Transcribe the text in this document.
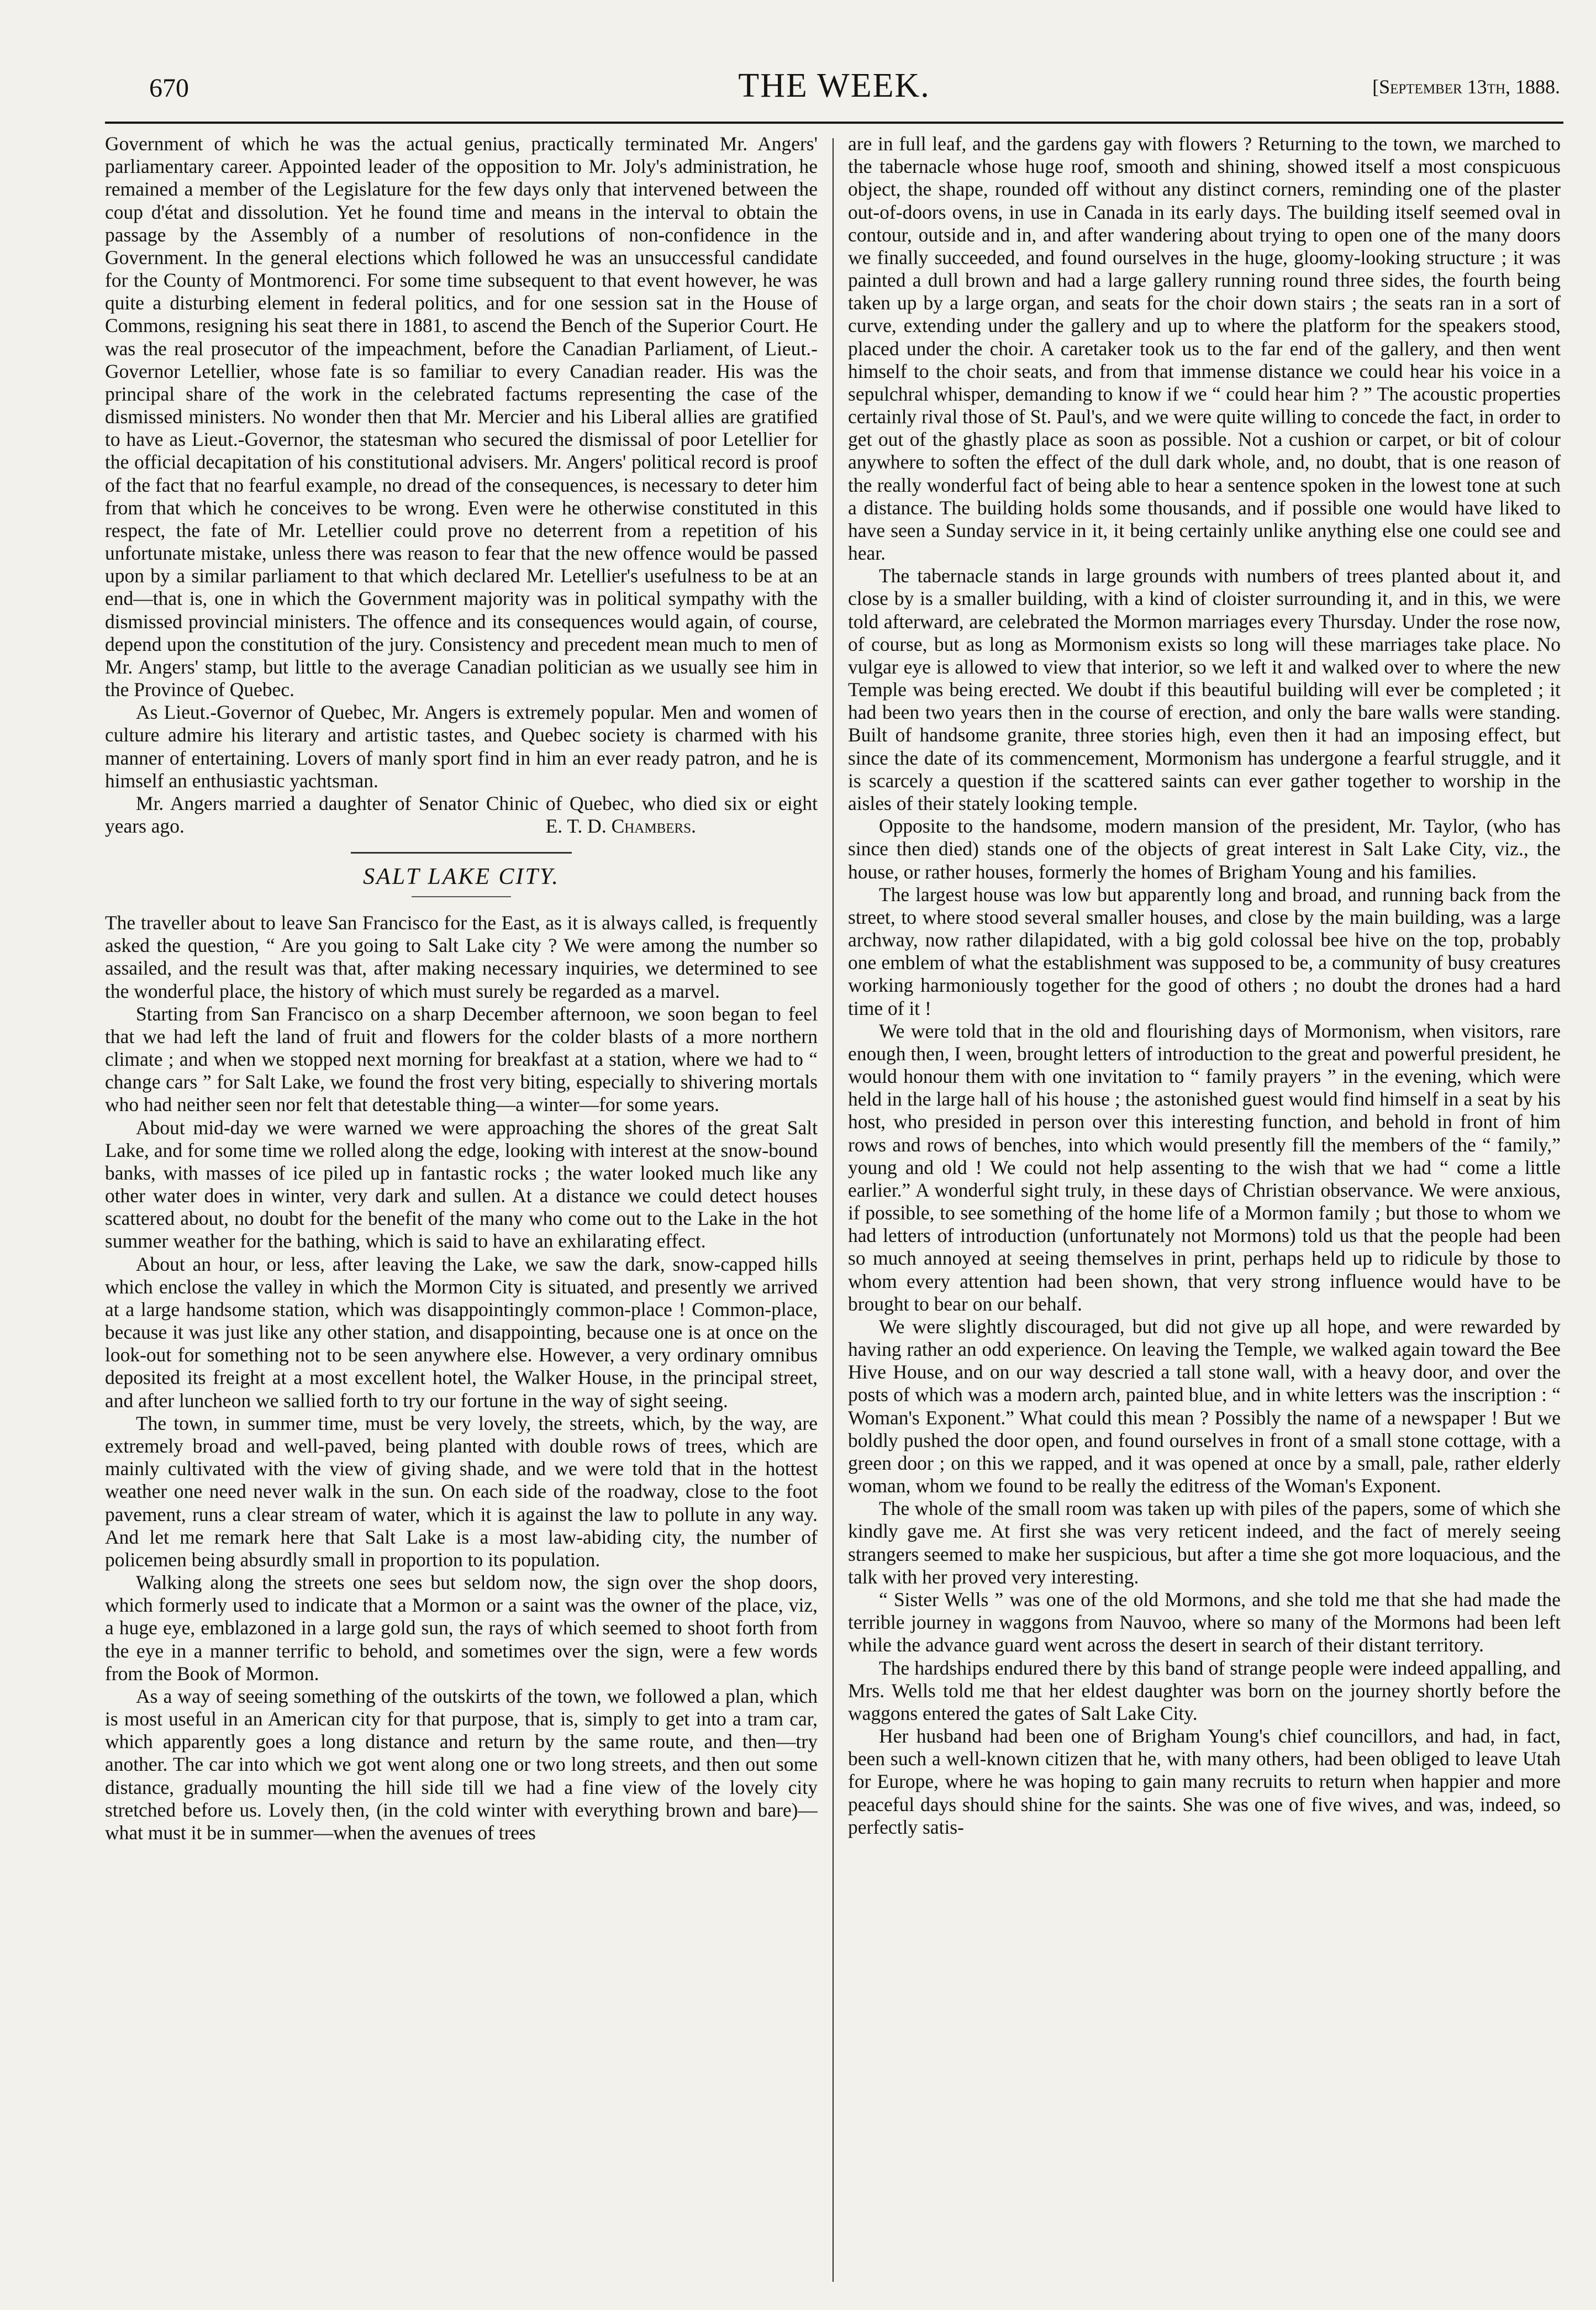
670	THE WEEK.	[September 13th, 1888.

Government of which he was the actual genius, practically terminated Mr. Angers' parliamentary career. Appointed leader of the opposition to Mr. Joly's administration, he remained a member of the Legislature for the few days only that intervened between the coup d'état and dissolution. Yet he found time and means in the interval to obtain the passage by the Assembly of a number of resolutions of non-confidence in the Government. In the general elections which followed he was an unsuccessful candidate for the County of Montmorenci. For some time subsequent to that event however, he was quite a disturbing element in federal politics, and for one session sat in the House of Commons, resigning his seat there in 1881, to ascend the Bench of the Superior Court. He was the real prosecutor of the impeachment, before the Canadian Parliament, of Lieut.-Governor Letellier, whose fate is so familiar to every Canadian reader. His was the principal share of the work in the celebrated factums representing the case of the dismissed ministers. No wonder then that Mr. Mercier and his Liberal allies are gratified to have as Lieut.-Governor, the statesman who secured the dismissal of poor Letellier for the official decapitation of his constitutional advisers. Mr. Angers' political record is proof of the fact that no fearful example, no dread of the consequences, is necessary to deter him from that which he conceives to be wrong. Even were he otherwise constituted in this respect, the fate of Mr. Letellier could prove no deterrent from a repetition of his unfortunate mistake, unless there was reason to fear that the new offence would be passed upon by a similar parliament to that which declared Mr. Letellier's usefulness to be at an end—that is, one in which the Government majority was in political sympathy with the dismissed provincial ministers. The offence and its consequences would again, of course, depend upon the constitution of the jury. Consistency and precedent mean much to men of Mr. Angers' stamp, but little to the average Canadian politician as we usually see him in the Province of Quebec.

As Lieut.-Governor of Quebec, Mr. Angers is extremely popular. Men and women of culture admire his literary and artistic tastes, and Quebec society is charmed with his manner of entertaining. Lovers of manly sport find in him an ever ready patron, and he is himself an enthusiastic yachtsman.

Mr. Angers married a daughter of Senator Chinic of Quebec, who died six or eight years ago.	E. T. D. Chambers.

SALT LAKE CITY.

The traveller about to leave San Francisco for the East, as it is always called, is frequently asked the question, “ Are you going to Salt Lake city ? We were among the number so assailed, and the result was that, after making necessary inquiries, we determined to see the wonderful place, the history of which must surely be regarded as a marvel.

Starting from San Francisco on a sharp December afternoon, we soon began to feel that we had left the land of fruit and flowers for the colder blasts of a more northern climate ; and when we stopped next morning for breakfast at a station, where we had to “ change cars ” for Salt Lake, we found the frost very biting, especially to shivering mortals who had neither seen nor felt that detestable thing—a winter—for some years.

About mid-day we were warned we were approaching the shores of the great Salt Lake, and for some time we rolled along the edge, looking with interest at the snow-bound banks, with masses of ice piled up in fantastic rocks ; the water looked much like any other water does in winter, very dark and sullen. At a distance we could detect houses scattered about, no doubt for the benefit of the many who come out to the Lake in the hot summer weather for the bathing, which is said to have an exhilarating effect.

About an hour, or less, after leaving the Lake, we saw the dark, snow-capped hills which enclose the valley in which the Mormon City is situated, and presently we arrived at a large handsome station, which was disappointingly common-place ! Common-place, because it was just like any other station, and disappointing, because one is at once on the look-out for something not to be seen anywhere else. However, a very ordinary omnibus deposited its freight at a most excellent hotel, the Walker House, in the principal street, and after luncheon we sallied forth to try our fortune in the way of sight seeing.

The town, in summer time, must be very lovely, the streets, which, by the way, are extremely broad and well-paved, being planted with double rows of trees, which are mainly cultivated with the view of giving shade, and we were told that in the hottest weather one need never walk in the sun. On each side of the roadway, close to the foot pavement, runs a clear stream of water, which it is against the law to pollute in any way. And let me remark here that Salt Lake is a most law-abiding city, the number of policemen being absurdly small in proportion to its population.

Walking along the streets one sees but seldom now, the sign over the shop doors, which formerly used to indicate that a Mormon or a saint was the owner of the place, viz, a huge eye, emblazoned in a large gold sun, the rays of which seemed to shoot forth from the eye in a manner terrific to behold, and sometimes over the sign, were a few words from the Book of Mormon.

As a way of seeing something of the outskirts of the town, we followed a plan, which is most useful in an American city for that purpose, that is, simply to get into a tram car, which apparently goes a long distance and return by the same route, and then—try another. The car into which we got went along one or two long streets, and then out some distance, gradually mounting the hill side till we had a fine view of the lovely city stretched before us. Lovely then, (in the cold winter with everything brown and bare)—what must it be in summer—when the avenues of trees

are in full leaf, and the gardens gay with flowers ? Returning to the town, we marched to the tabernacle whose huge roof, smooth and shining, showed itself a most conspicuous object, the shape, rounded off without any distinct corners, reminding one of the plaster out-of-doors ovens, in use in Canada in its early days. The building itself seemed oval in contour, outside and in, and after wandering about trying to open one of the many doors we finally succeeded, and found ourselves in the huge, gloomy-looking structure ; it was painted a dull brown and had a large gallery running round three sides, the fourth being taken up by a large organ, and seats for the choir down stairs ; the seats ran in a sort of curve, extending under the gallery and up to where the platform for the speakers stood, placed under the choir. A caretaker took us to the far end of the gallery, and then went himself to the choir seats, and from that immense distance we could hear his voice in a sepulchral whisper, demanding to know if we “ could hear him ? ” The acoustic properties certainly rival those of St. Paul's, and we were quite willing to concede the fact, in order to get out of the ghastly place as soon as possible. Not a cushion or carpet, or bit of colour anywhere to soften the effect of the dull dark whole, and, no doubt, that is one reason of the really wonderful fact of being able to hear a sentence spoken in the lowest tone at such a distance. The building holds some thousands, and if possible one would have liked to have seen a Sunday service in it, it being certainly unlike anything else one could see and hear.

The tabernacle stands in large grounds with numbers of trees planted about it, and close by is a smaller building, with a kind of cloister surrounding it, and in this, we were told afterward, are celebrated the Mormon marriages every Thursday. Under the rose now, of course, but as long as Mormonism exists so long will these marriages take place. No vulgar eye is allowed to view that interior, so we left it and walked over to where the new Temple was being erected. We doubt if this beautiful building will ever be completed ; it had been two years then in the course of erection, and only the bare walls were standing. Built of handsome granite, three stories high, even then it had an imposing effect, but since the date of its commencement, Mormonism has undergone a fearful struggle, and it is scarcely a question if the scattered saints can ever gather together to worship in the aisles of their stately looking temple.

Opposite to the handsome, modern mansion of the president, Mr. Taylor, (who has since then died) stands one of the objects of great interest in Salt Lake City, viz., the house, or rather houses, formerly the homes of Brigham Young and his families.

The largest house was low but apparently long and broad, and running back from the street, to where stood several smaller houses, and close by the main building, was a large archway, now rather dilapidated, with a big gold colossal bee hive on the top, probably one emblem of what the establishment was supposed to be, a community of busy creatures working harmoniously together for the good of others ; no doubt the drones had a hard time of it !

We were told that in the old and flourishing days of Mormonism, when visitors, rare enough then, I ween, brought letters of introduction to the great and powerful president, he would honour them with one invitation to “ family prayers ” in the evening, which were held in the large hall of his house ; the astonished guest would find himself in a seat by his host, who presided in person over this interesting function, and behold in front of him rows and rows of benches, into which would presently fill the members of the “ family,” young and old ! We could not help assenting to the wish that we had “ come a little earlier.” A wonderful sight truly, in these days of Christian observance. We were anxious, if possible, to see something of the home life of a Mormon family ; but those to whom we had letters of introduction (unfortunately not Mormons) told us that the people had been so much annoyed at seeing themselves in print, perhaps held up to ridicule by those to whom every attention had been shown, that very strong influence would have to be brought to bear on our behalf.

We were slightly discouraged, but did not give up all hope, and were rewarded by having rather an odd experience. On leaving the Temple, we walked again toward the Bee Hive House, and on our way descried a tall stone wall, with a heavy door, and over the posts of which was a modern arch, painted blue, and in white letters was the inscription : “ Woman's Exponent.” What could this mean ? Possibly the name of a newspaper ! But we boldly pushed the door open, and found ourselves in front of a small stone cottage, with a green door ; on this we rapped, and it was opened at once by a small, pale, rather elderly woman, whom we found to be really the editress of the Woman's Exponent.

The whole of the small room was taken up with piles of the papers, some of which she kindly gave me. At first she was very reticent indeed, and the fact of merely seeing strangers seemed to make her suspicious, but after a time she got more loquacious, and the talk with her proved very interesting.

“ Sister Wells ” was one of the old Mormons, and she told me that she had made the terrible journey in waggons from Nauvoo, where so many of the Mormons had been left while the advance guard went across the desert in search of their distant territory.

The hardships endured there by this band of strange people were indeed appalling, and Mrs. Wells told me that her eldest daughter was born on the journey shortly before the waggons entered the gates of Salt Lake City.

Her husband had been one of Brigham Young's chief councillors, and had, in fact, been such a well-known citizen that he, with many others, had been obliged to leave Utah for Europe, where he was hoping to gain many recruits to return when happier and more peaceful days should shine for the saints. She was one of five wives, and was, indeed, so perfectly satis-
